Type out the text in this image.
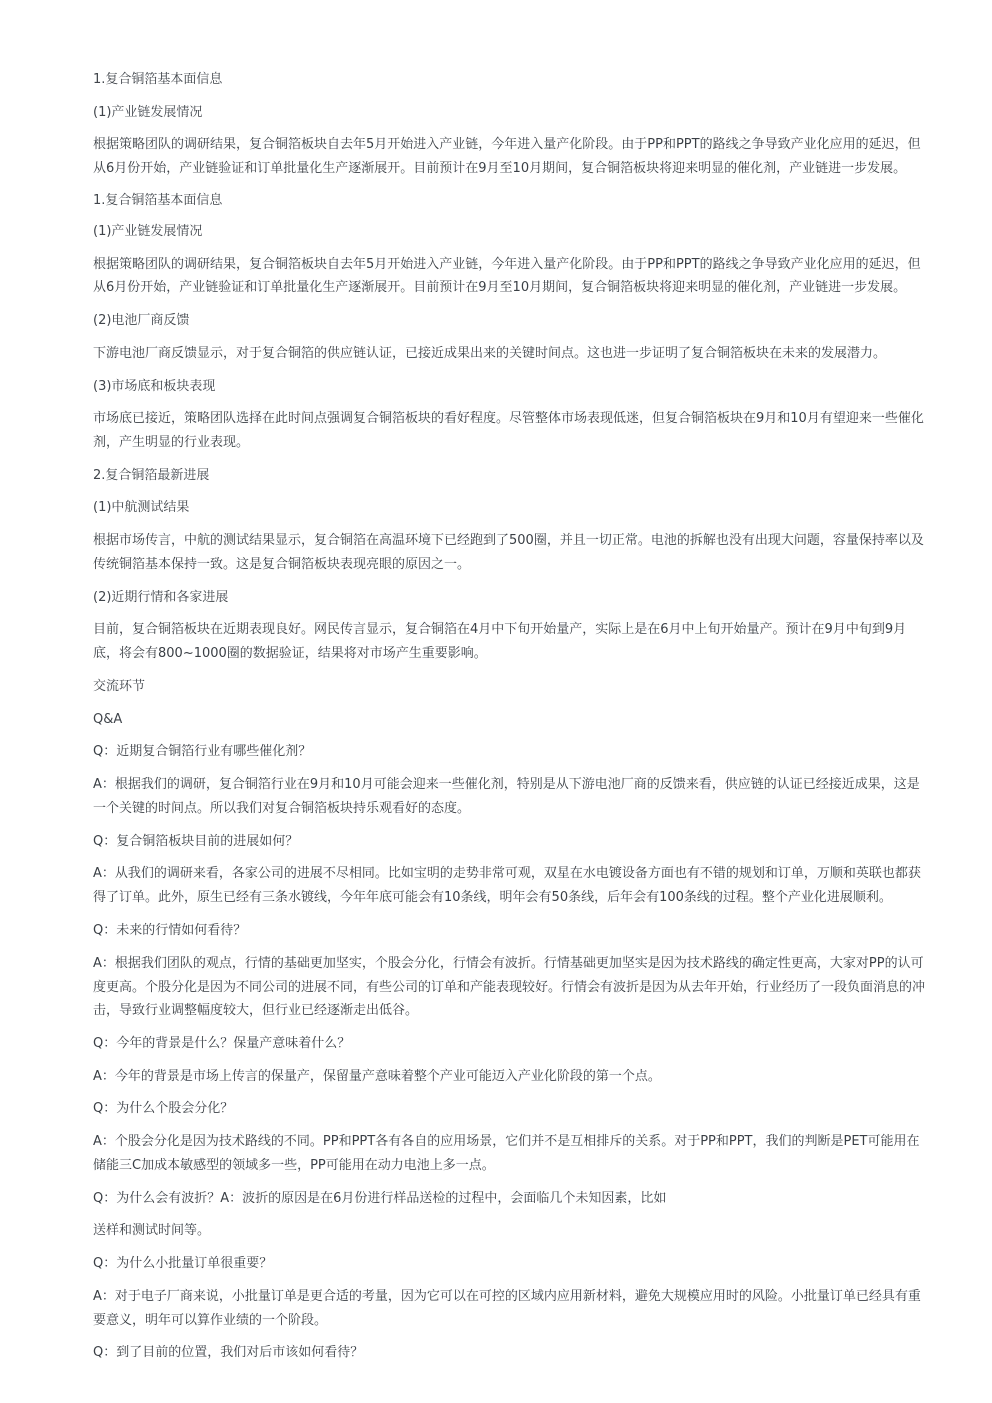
1.复合铜箔基本面信息

(1)产业链发展情况

根据策略团队的调研结果，复合铜箔板块自去年5月开始进入产业链，今年进入量产化阶段。由于PP和PPT的路线之争导致产业化应用的延迟，但

从6月份开始，产业链验证和订单批量化生产逐渐展开。目前预计在9月至10月期间，复合铜箔板块将迎来明显的催化剂，产业链进一步发展。

1.复合铜箔基本面信息

(1)产业链发展情况

根据策略团队的调研结果，复合铜箔板块自去年5月开始进入产业链，今年进入量产化阶段。由于PP和PPT的路线之争导致产业化应用的延迟，但

从6月份开始，产业链验证和订单批量化生产逐渐展开。目前预计在9月至10月期间，复合铜箔板块将迎来明显的催化剂，产业链进一步发展。

(2)电池厂商反馈

下游电池厂商反馈显示，对于复合铜箔的供应链认证，已接近成果出来的关键时间点。这也进一步证明了复合铜箔板块在未来的发展潜力。

(3)市场底和板块表现

市场底已接近，策略团队选择在此时间点强调复合铜箔板块的看好程度。尽管整体市场表现低迷，但复合铜箔板块在9月和10月有望迎来一些催化

剂，产生明显的行业表现。

2.复合铜箔最新进展

(1)中航测试结果

根据市场传言，中航的测试结果显示，复合铜箔在高温环境下已经跑到了500圈，并且一切正常。电池的拆解也没有出现大问题，容量保持率以及

传统铜箔基本保持一致。这是复合铜箔板块表现亮眼的原因之一。

(2)近期行情和各家进展

目前，复合铜箔板块在近期表现良好。网民传言显示，复合铜箔在4月中下旬开始量产，实际上是在6月中上旬开始量产。预计在9月中旬到9月

底，将会有800~1000圈的数据验证，结果将对市场产生重要影响。

交流环节

Q&A

Q：近期复合铜箔行业有哪些催化剂？

A：根据我们的调研，复合铜箔行业在9月和10月可能会迎来一些催化剂，特别是从下游电池厂商的反馈来看，供应链的认证已经接近成果，这是

一个关键的时间点。所以我们对复合铜箔板块持乐观看好的态度。

Q：复合铜箔板块目前的进展如何？

A：从我们的调研来看，各家公司的进展不尽相同。比如宝明的走势非常可观，双星在水电镀设备方面也有不错的规划和订单，万顺和英联也都获

得了订单。此外，原生已经有三条水镀线，今年年底可能会有10条线，明年会有50条线，后年会有100条线的过程。整个产业化进展顺利。

Q：未来的行情如何看待？

A：根据我们团队的观点，行情的基础更加坚实，个股会分化，行情会有波折。行情基础更加坚实是因为技术路线的确定性更高，大家对PP的认可

度更高。个股分化是因为不同公司的进展不同，有些公司的订单和产能表现较好。行情会有波折是因为从去年开始，行业经历了一段负面消息的冲

击，导致行业调整幅度较大，但行业已经逐渐走出低谷。

Q：今年的背景是什么？保量产意味着什么？

A：今年的背景是市场上传言的保量产，保留量产意味着整个产业可能迈入产业化阶段的第一个点。

Q：为什么个股会分化？

A：个股会分化是因为技术路线的不同。PP和PPT各有各自的应用场景，它们并不是互相排斥的关系。对于PP和PPT，我们的判断是PET可能用在

储能三C加成本敏感型的领域多一些，PP可能用在动力电池上多一点。

Q：为什么会有波折？A：波折的原因是在6月份进行样品送检的过程中，会面临几个未知因素，比如

送样和测试时间等。

Q：为什么小批量订单很重要？

A：对于电子厂商来说，小批量订单是更合适的考量，因为它可以在可控的区域内应用新材料，避免大规模应用时的风险。小批量订单已经具有重

要意义，明年可以算作业绩的一个阶段。

Q：到了目前的位置，我们对后市该如何看待？
